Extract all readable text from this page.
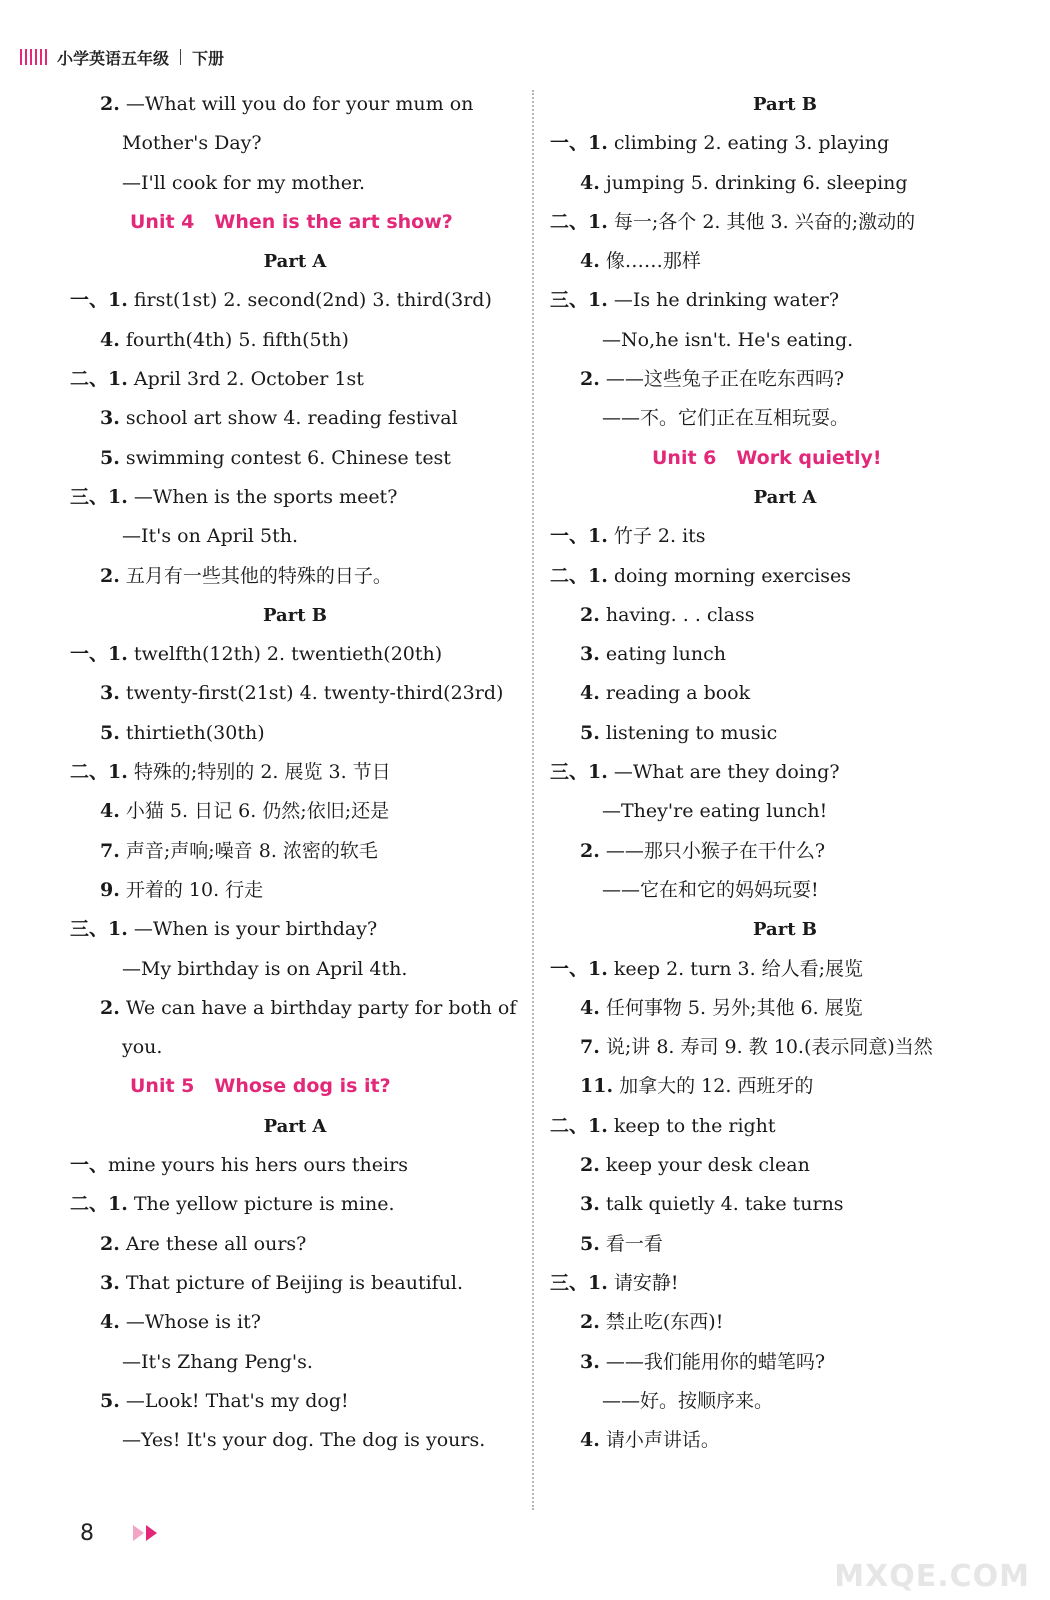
小学英语五年级 下册
2. —What will you do for your mum on
Mother's Day?
—I'll cook for my mother.
Unit 4 When is the art show?
Part A
一、1. first(1st) 2. second(2nd) 3. third(3rd)
4. fourth(4th) 5. fifth(5th)
二、1. April 3rd 2. October 1st
3. school art show 4. reading festival
5. swimming contest 6. Chinese test
三、1. —When is the sports meet?
—It's on April 5th.
2. 五月有一些其他的特殊的日子。
Part B
一、1. twelfth(12th) 2. twentieth(20th)
3. twenty-first(21st) 4. twenty-third(23rd)
5. thirtieth(30th)
二、1. 特殊的;特别的 2. 展览 3. 节日
4. 小猫 5. 日记 6. 仍然;依旧;还是
7. 声音;声响;噪音 8. 浓密的软毛
9. 开着的 10. 行走
三、1. —When is your birthday?
—My birthday is on April 4th.
2. We can have a birthday party for both of
you.
Unit 5 Whose dog is it?
Part A
一、mine yours his hers ours theirs
二、1. The yellow picture is mine.
2. Are these all ours?
3. That picture of Beijing is beautiful.
4. —Whose is it?
—It's Zhang Peng's.
5. —Look! That's my dog!
—Yes! It's your dog. The dog is yours.
Part B
一、1. climbing 2. eating 3. playing
4. jumping 5. drinking 6. sleeping
二、1. 每一;各个 2. 其他 3. 兴奋的;激动的
4. 像……那样
三、1. —Is he drinking water?
—No,he isn't. He's eating.
2. ——这些兔子正在吃东西吗?
——不。它们正在互相玩耍。
Unit 6 Work quietly!
Part A
一、1. 竹子 2. its
二、1. doing morning exercises
2. having. . . class
3. eating lunch
4. reading a book
5. listening to music
三、1. —What are they doing?
—They're eating lunch!
2. ——那只小猴子在干什么?
——它在和它的妈妈玩耍!
Part B
一、1. keep 2. turn 3. 给人看;展览
4. 任何事物 5. 另外;其他 6. 展览
7. 说;讲 8. 寿司 9. 教 10.(表示同意)当然
11. 加拿大的 12. 西班牙的
二、1. keep to the right
2. keep your desk clean
3. talk quietly 4. take turns
5. 看一看
三、1. 请安静!
2. 禁止吃(东西)!
3. ——我们能用你的蜡笔吗?
——好。按顺序来。
4. 请小声讲话。
8
MXQE.COM
